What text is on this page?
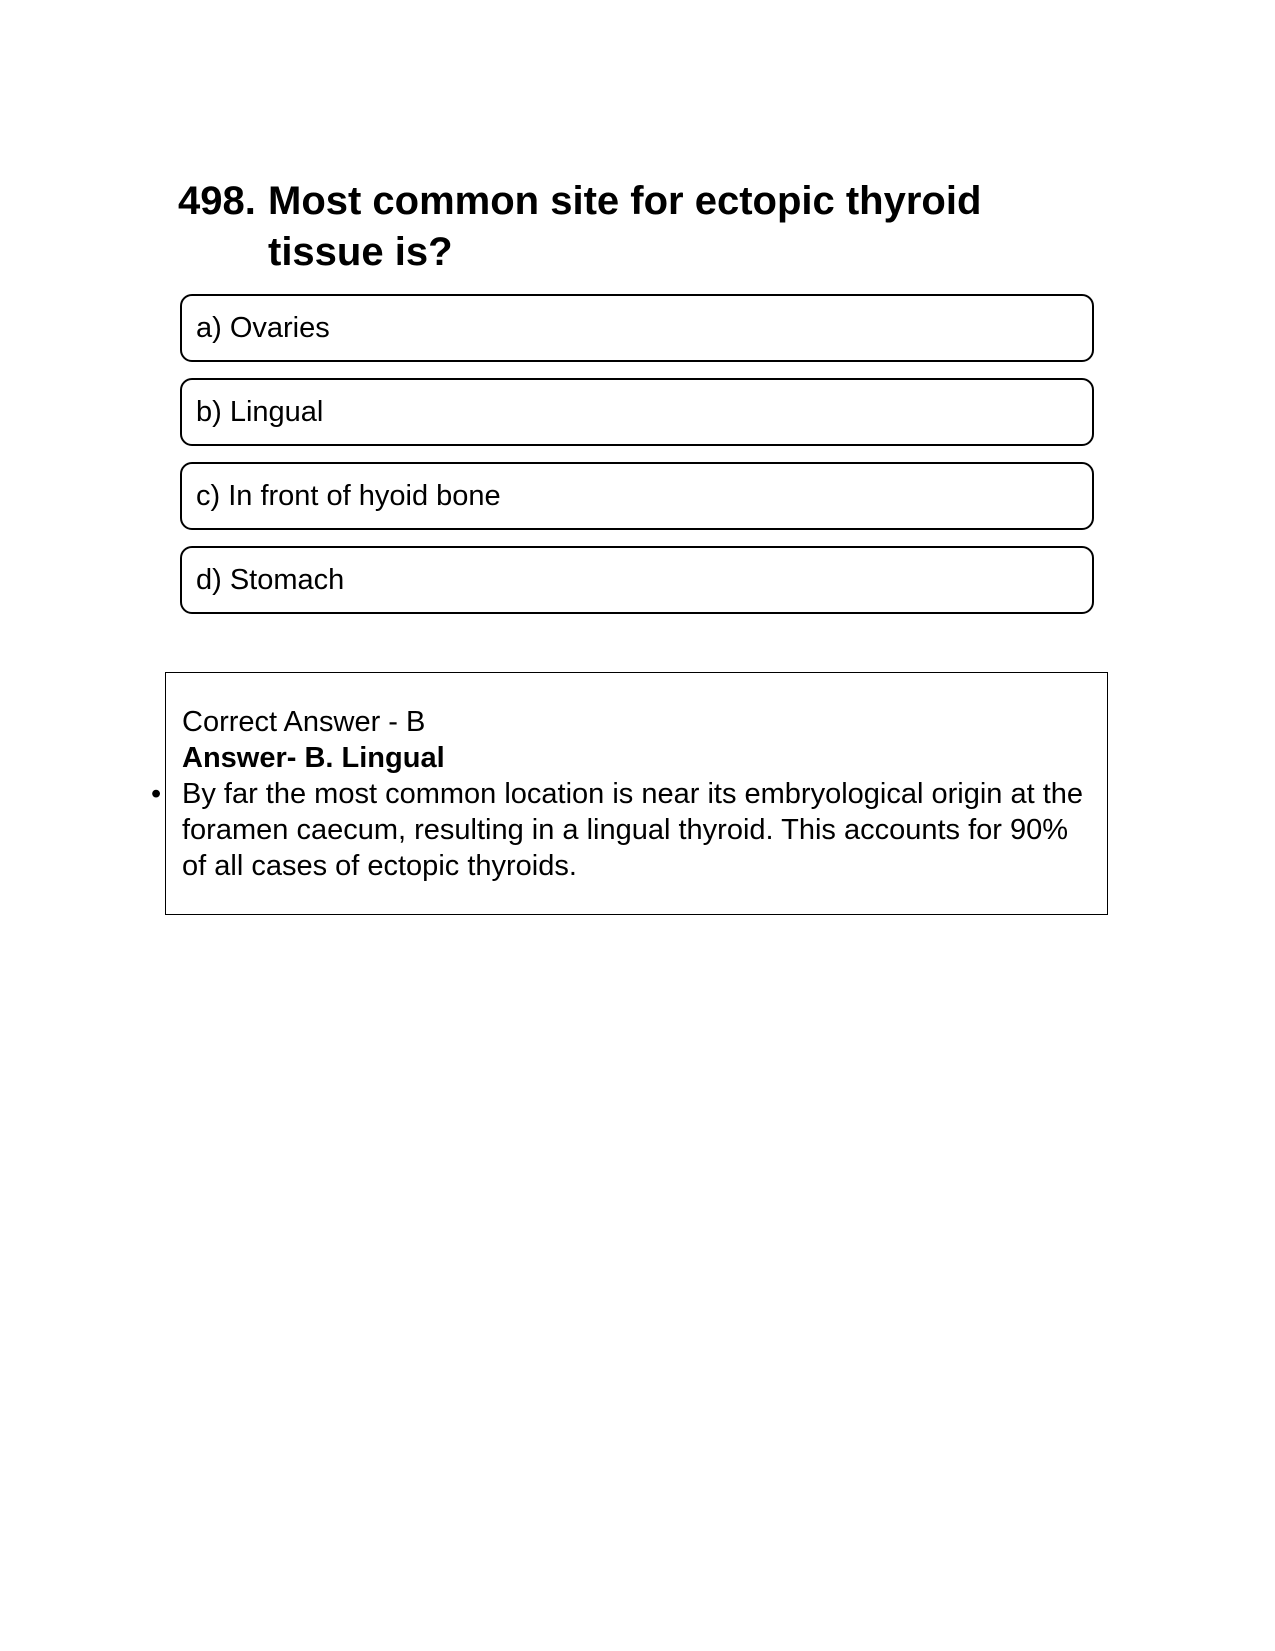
498. Most common site for ectopic thyroid tissue is?
a) Ovaries
b) Lingual
c) In front of hyoid bone
d) Stomach
Correct Answer - B
Answer- B. Lingual
• By far the most common location is near its embryological origin at the foramen caecum, resulting in a lingual thyroid. This accounts for 90% of all cases of ectopic thyroids.
